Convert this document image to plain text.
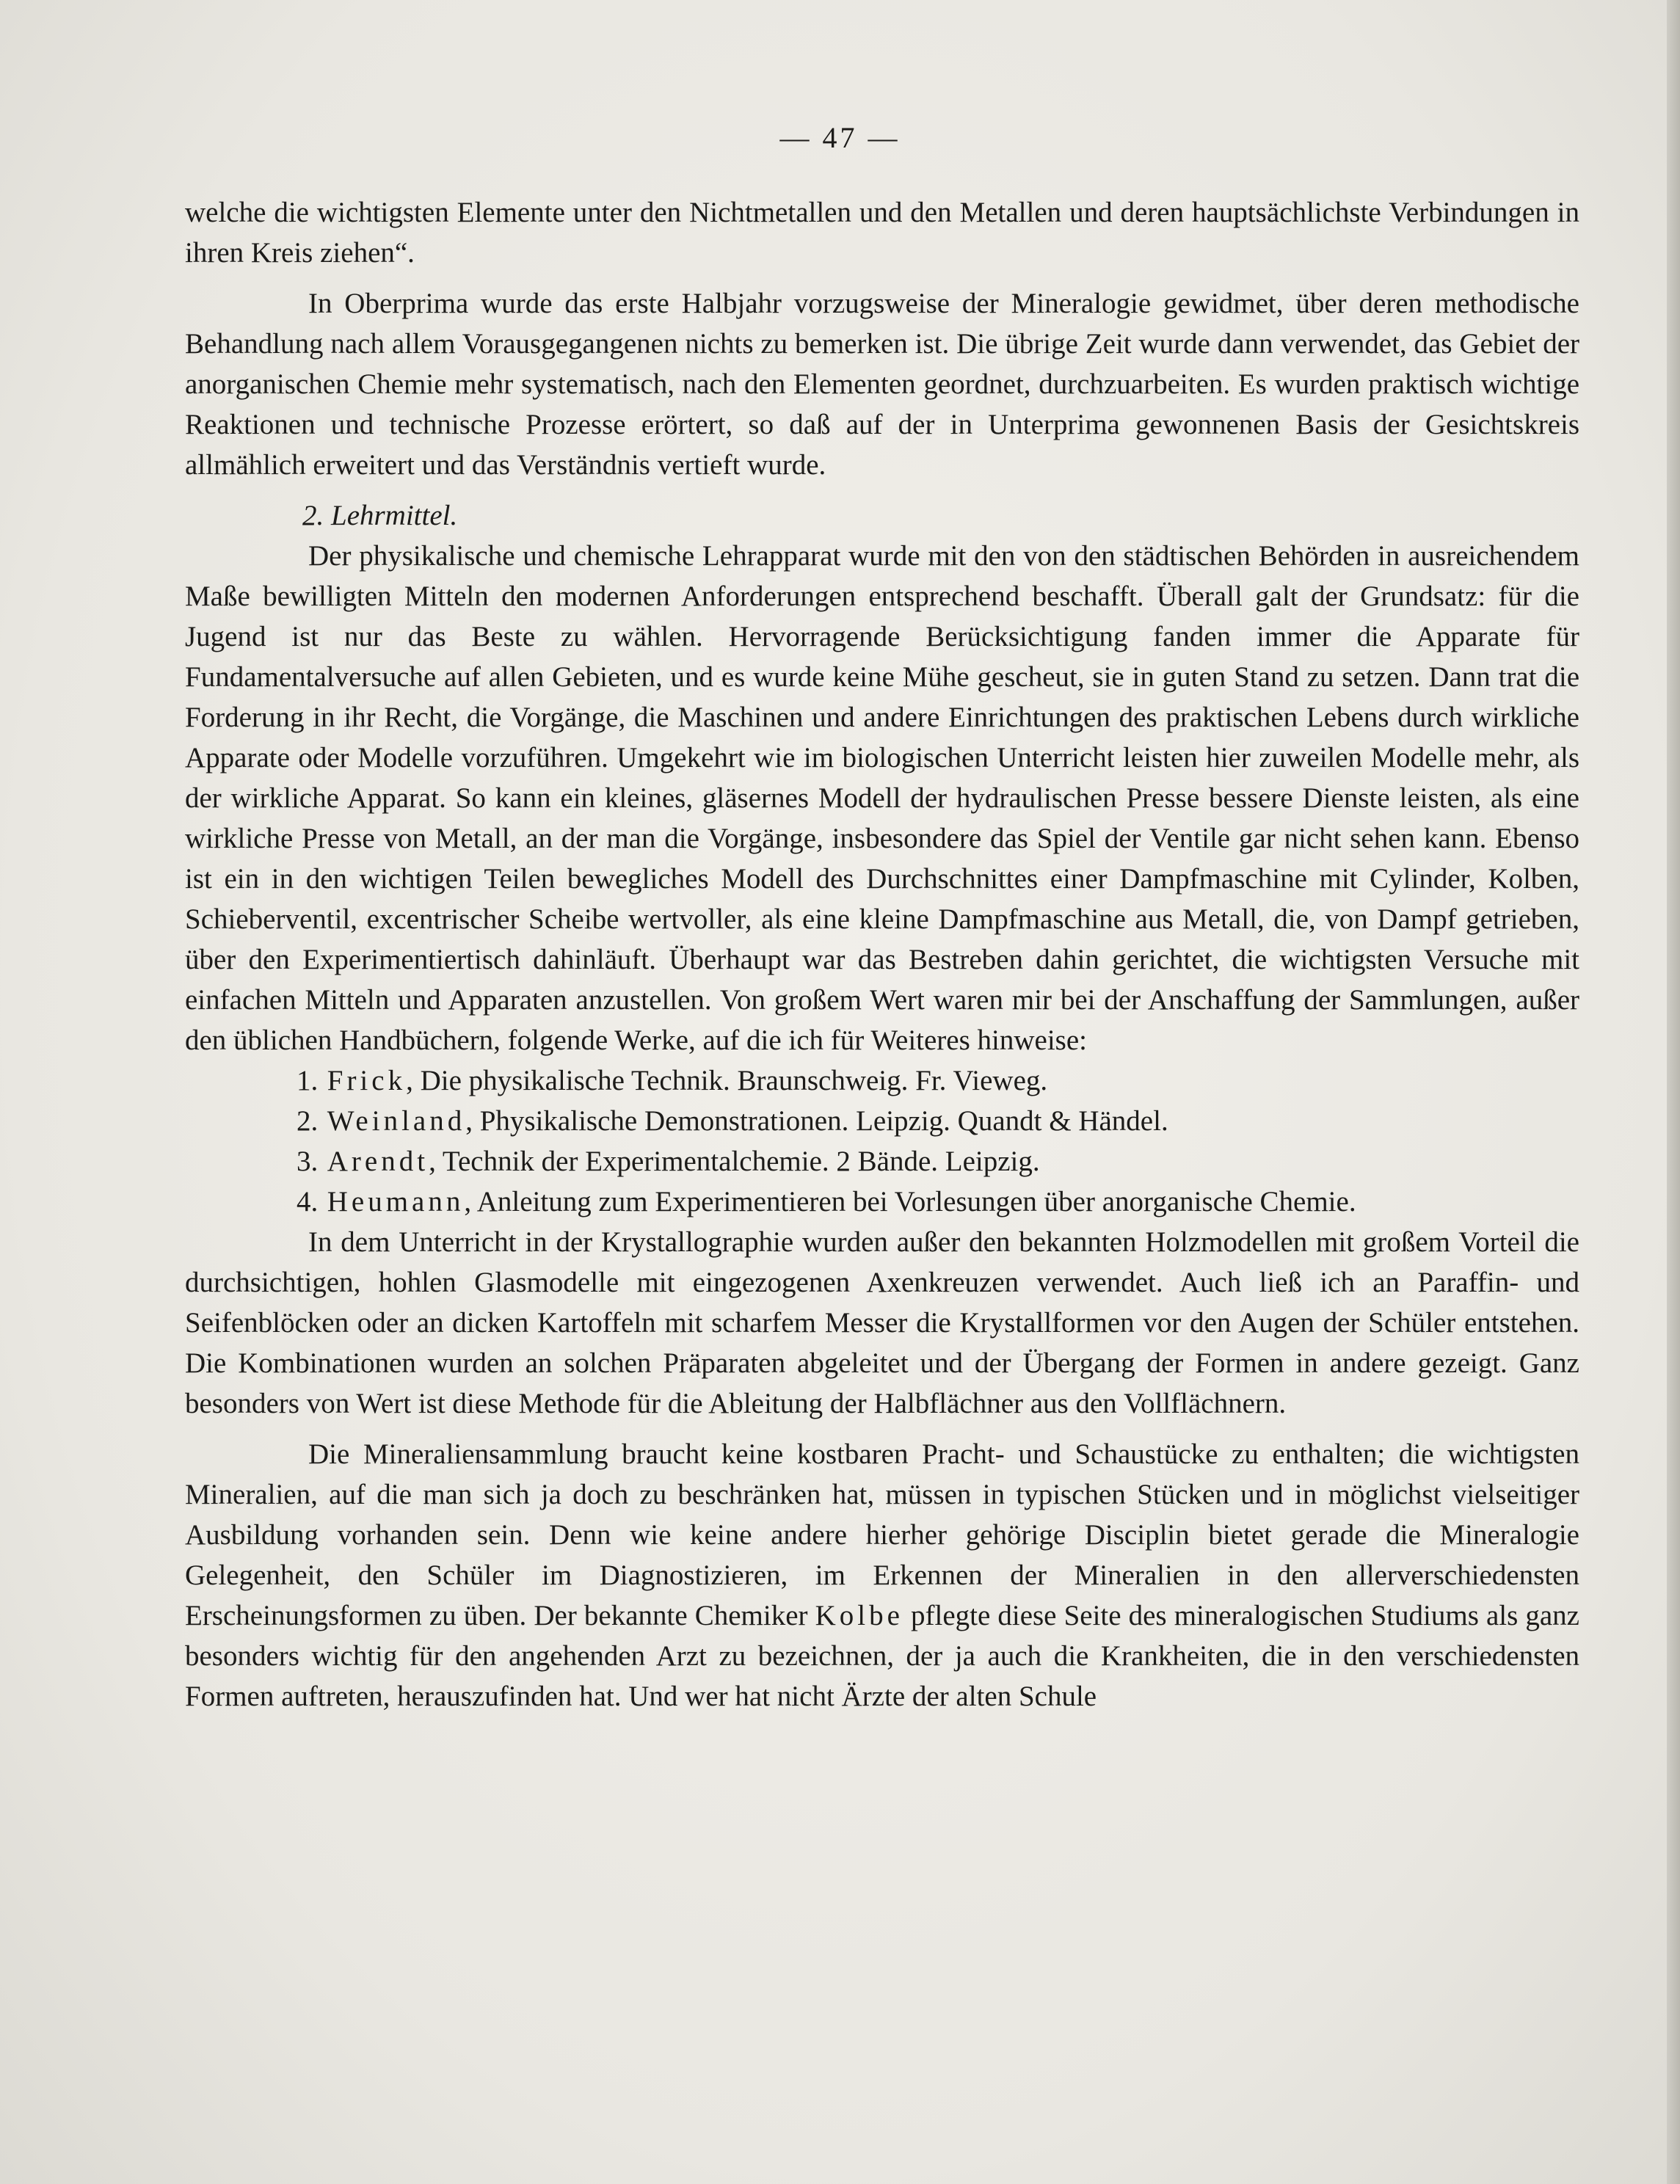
— 47 —

welche die wichtigsten Elemente unter den Nichtmetallen und den Metallen und deren hauptsächlichste Verbindungen in ihren Kreis ziehen“.

In Oberprima wurde das erste Halbjahr vorzugsweise der Mineralogie gewidmet, über deren methodische Behandlung nach allem Vorausgegangenen nichts zu bemerken ist. Die übrige Zeit wurde dann verwendet, das Gebiet der anorganischen Chemie mehr systematisch, nach den Elementen geordnet, durchzuarbeiten. Es wurden praktisch wichtige Reaktionen und technische Prozesse erörtert, so daß auf der in Unterprima gewonnenen Basis der Gesichtskreis allmählich erweitert und das Verständnis vertieft wurde.

2. Lehrmittel.

Der physikalische und chemische Lehrapparat wurde mit den von den städtischen Behörden in ausreichendem Maße bewilligten Mitteln den modernen Anforderungen entsprechend beschafft. Überall galt der Grundsatz: für die Jugend ist nur das Beste zu wählen. Hervorragende Berücksichtigung fanden immer die Apparate für Fundamentalversuche auf allen Gebieten, und es wurde keine Mühe gescheut, sie in guten Stand zu setzen. Dann trat die Forderung in ihr Recht, die Vorgänge, die Maschinen und andere Einrichtungen des praktischen Lebens durch wirkliche Apparate oder Modelle vorzuführen. Umgekehrt wie im biologischen Unterricht leisten hier zuweilen Modelle mehr, als der wirkliche Apparat. So kann ein kleines, gläsernes Modell der hydraulischen Presse bessere Dienste leisten, als eine wirkliche Presse von Metall, an der man die Vorgänge, insbesondere das Spiel der Ventile gar nicht sehen kann. Ebenso ist ein in den wichtigen Teilen bewegliches Modell des Durchschnittes einer Dampfmaschine mit Cylinder, Kolben, Schieberventil, excentrischer Scheibe wertvoller, als eine kleine Dampfmaschine aus Metall, die, von Dampf getrieben, über den Experimentiertisch dahinläuft. Überhaupt war das Bestreben dahin gerichtet, die wichtigsten Versuche mit einfachen Mitteln und Apparaten anzustellen. Von großem Wert waren mir bei der Anschaffung der Sammlungen, außer den üblichen Handbüchern, folgende Werke, auf die ich für Weiteres hinweise:

1. Frick, Die physikalische Technik. Braunschweig. Fr. Vieweg.
2. Weinland, Physikalische Demonstrationen. Leipzig. Quandt & Händel.
3. Arendt, Technik der Experimentalchemie. 2 Bände. Leipzig.
4. Heumann, Anleitung zum Experimentieren bei Vorlesungen über anorganische Chemie.

In dem Unterricht in der Krystallographie wurden außer den bekannten Holzmodellen mit großem Vorteil die durchsichtigen, hohlen Glasmodelle mit eingezogenen Axenkreuzen verwendet. Auch ließ ich an Paraffin- und Seifenblöcken oder an dicken Kartoffeln mit scharfem Messer die Krystallformen vor den Augen der Schüler entstehen. Die Kombinationen wurden an solchen Präparaten abgeleitet und der Übergang der Formen in andere gezeigt. Ganz besonders von Wert ist diese Methode für die Ableitung der Halbflächner aus den Vollflächnern.

Die Mineraliensammlung braucht keine kostbaren Pracht- und Schaustücke zu enthalten; die wichtigsten Mineralien, auf die man sich ja doch zu beschränken hat, müssen in typischen Stücken und in möglichst vielseitiger Ausbildung vorhanden sein. Denn wie keine andere hierher gehörige Disciplin bietet gerade die Mineralogie Gelegenheit, den Schüler im Diagnostizieren, im Erkennen der Mineralien in den allerverschiedensten Erscheinungsformen zu üben. Der bekannte Chemiker Kolbe pflegte diese Seite des mineralogischen Studiums als ganz besonders wichtig für den angehenden Arzt zu bezeichnen, der ja auch die Krankheiten, die in den verschiedensten Formen auftreten, herauszufinden hat. Und wer hat nicht Ärzte der alten Schule
